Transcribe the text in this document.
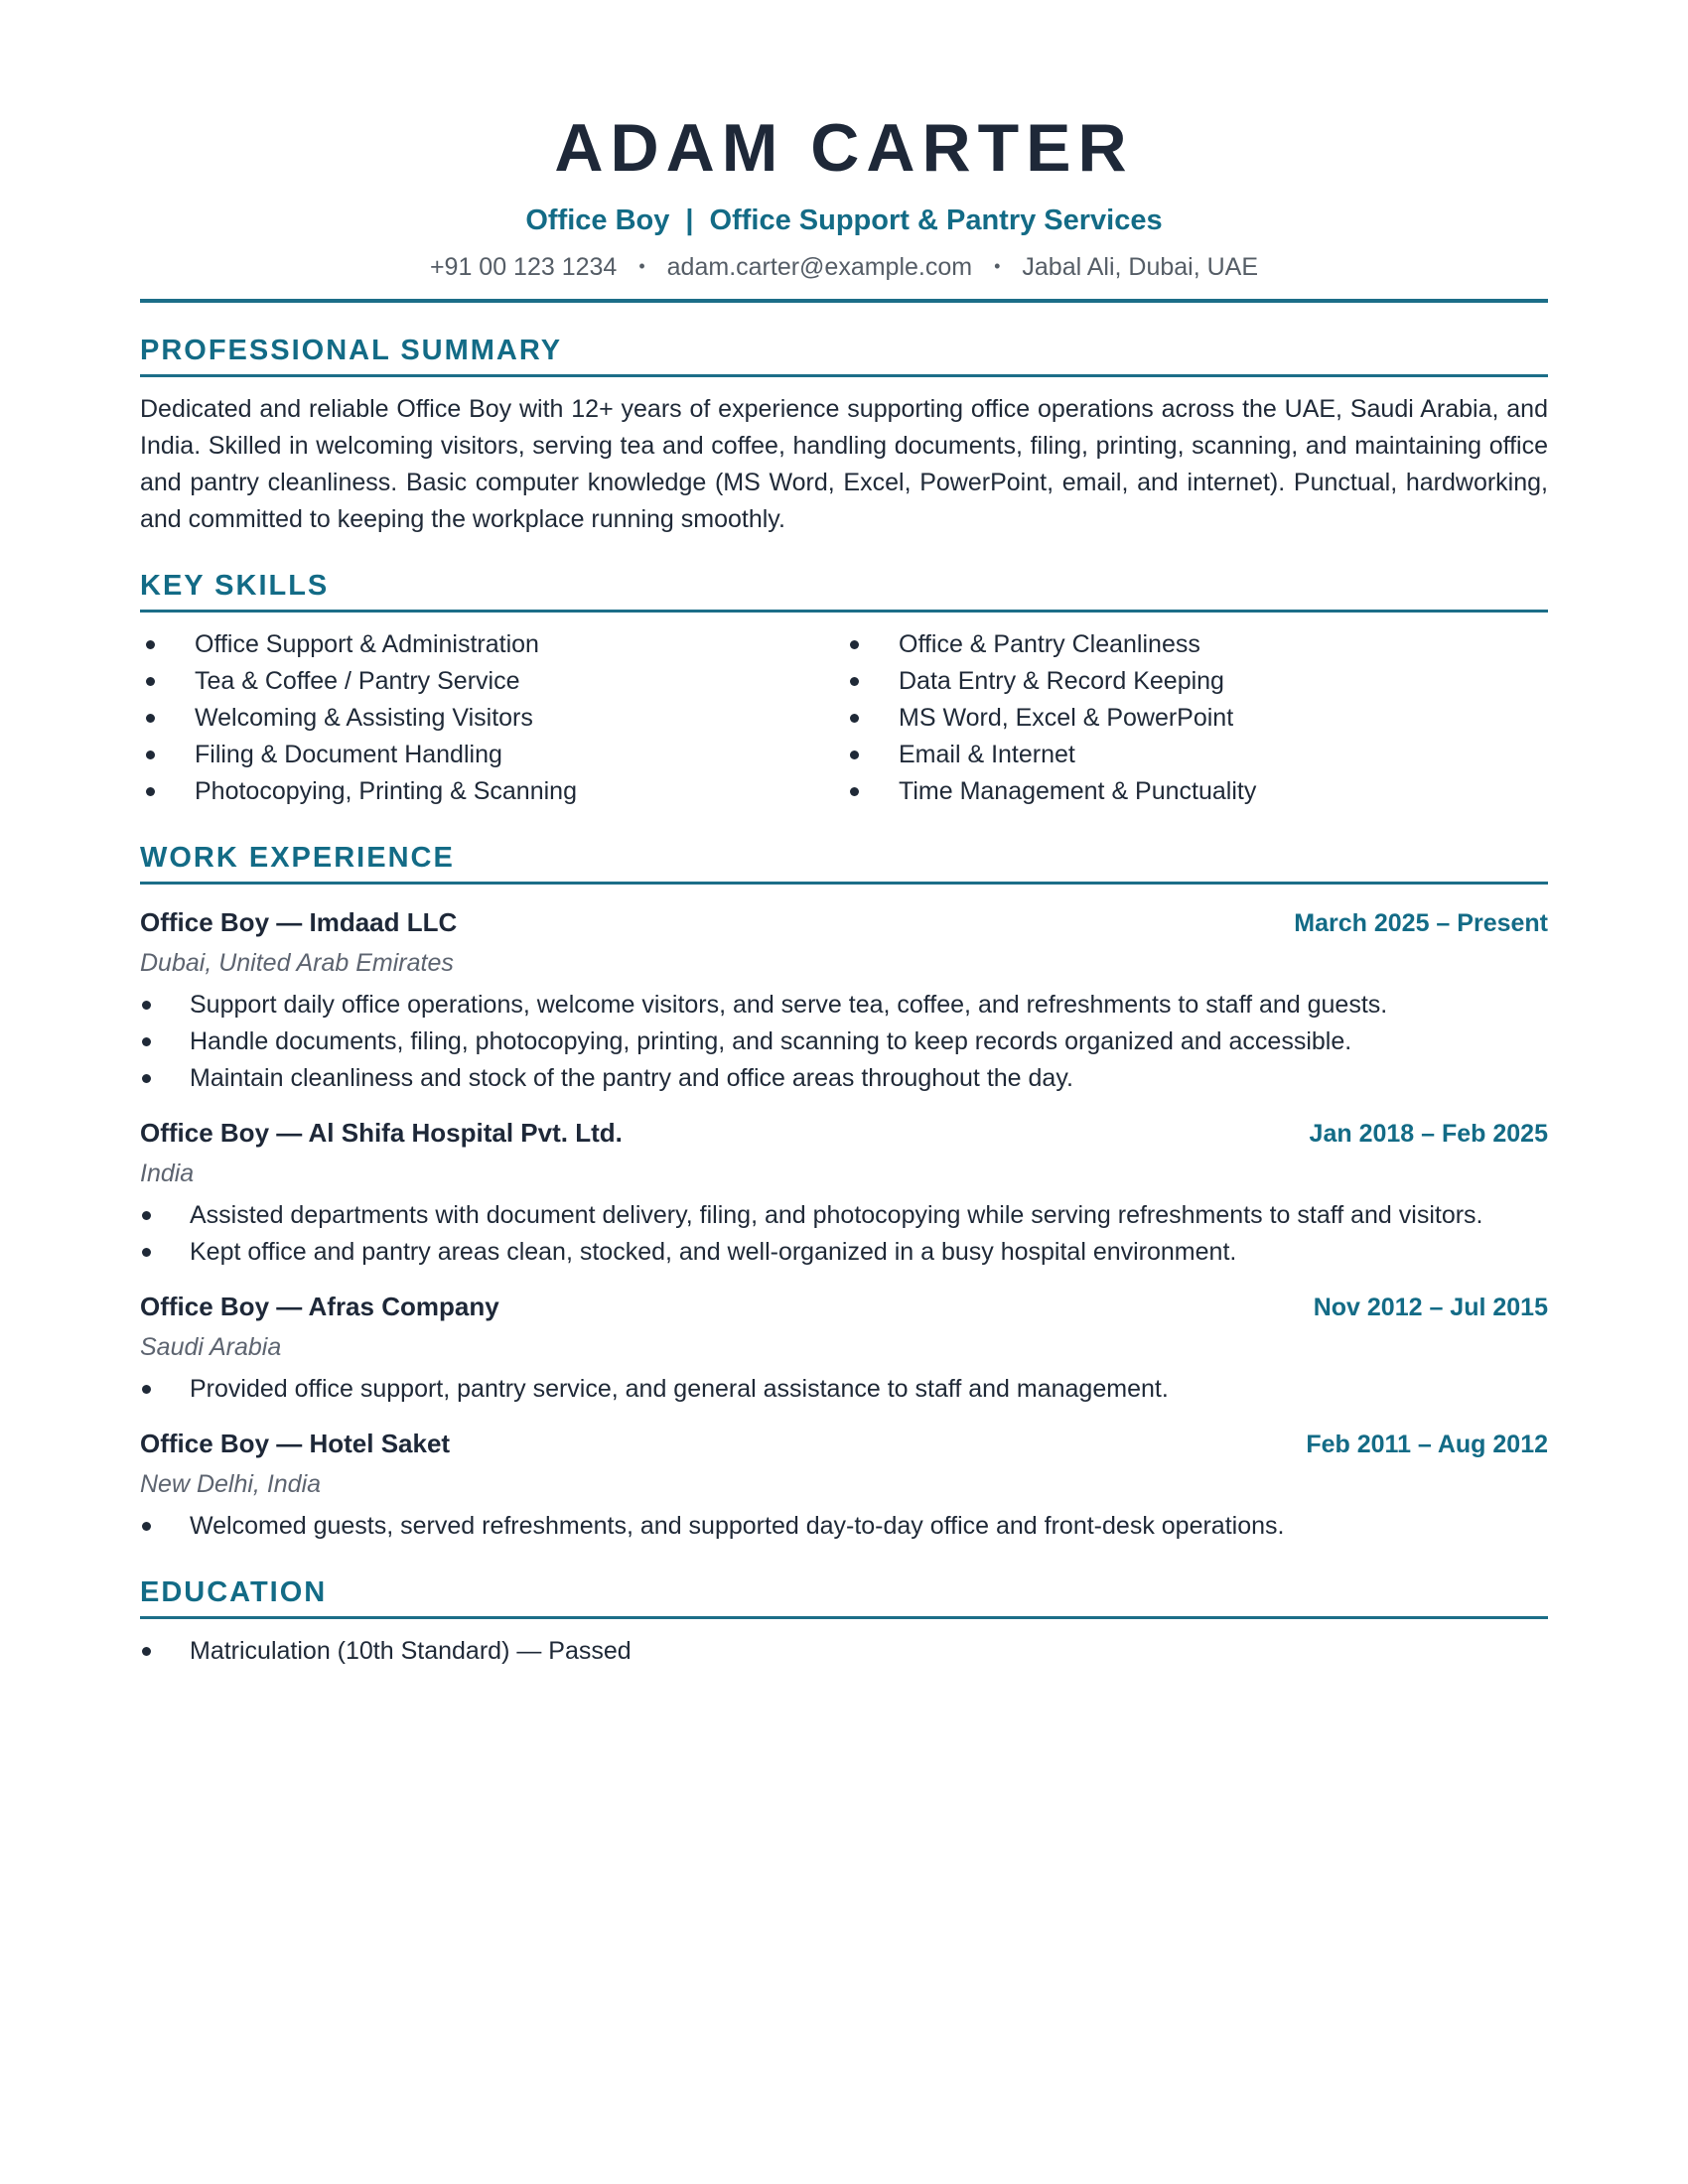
ADAM CARTER
Office Boy | Office Support & Pantry Services
+91 00 123 1234 • adam.carter@example.com • Jabal Ali, Dubai, UAE
PROFESSIONAL SUMMARY
Dedicated and reliable Office Boy with 12+ years of experience supporting office operations across the UAE, Saudi Arabia, and India. Skilled in welcoming visitors, serving tea and coffee, handling documents, filing, printing, scanning, and maintaining office and pantry cleanliness. Basic computer knowledge (MS Word, Excel, PowerPoint, email, and internet). Punctual, hardworking, and committed to keeping the workplace running smoothly.
KEY SKILLS
Office Support & Administration
Tea & Coffee / Pantry Service
Welcoming & Assisting Visitors
Filing & Document Handling
Photocopying, Printing & Scanning
Office & Pantry Cleanliness
Data Entry & Record Keeping
MS Word, Excel & PowerPoint
Email & Internet
Time Management & Punctuality
WORK EXPERIENCE
Office Boy — Imdaad LLC	March 2025 – Present
Dubai, United Arab Emirates
Support daily office operations, welcome visitors, and serve tea, coffee, and refreshments to staff and guests.
Handle documents, filing, photocopying, printing, and scanning to keep records organized and accessible.
Maintain cleanliness and stock of the pantry and office areas throughout the day.
Office Boy — Al Shifa Hospital Pvt. Ltd.	Jan 2018 – Feb 2025
India
Assisted departments with document delivery, filing, and photocopying while serving refreshments to staff and visitors.
Kept office and pantry areas clean, stocked, and well-organized in a busy hospital environment.
Office Boy — Afras Company	Nov 2012 – Jul 2015
Saudi Arabia
Provided office support, pantry service, and general assistance to staff and management.
Office Boy — Hotel Saket	Feb 2011 – Aug 2012
New Delhi, India
Welcomed guests, served refreshments, and supported day-to-day office and front-desk operations.
EDUCATION
Matriculation (10th Standard) — Passed
